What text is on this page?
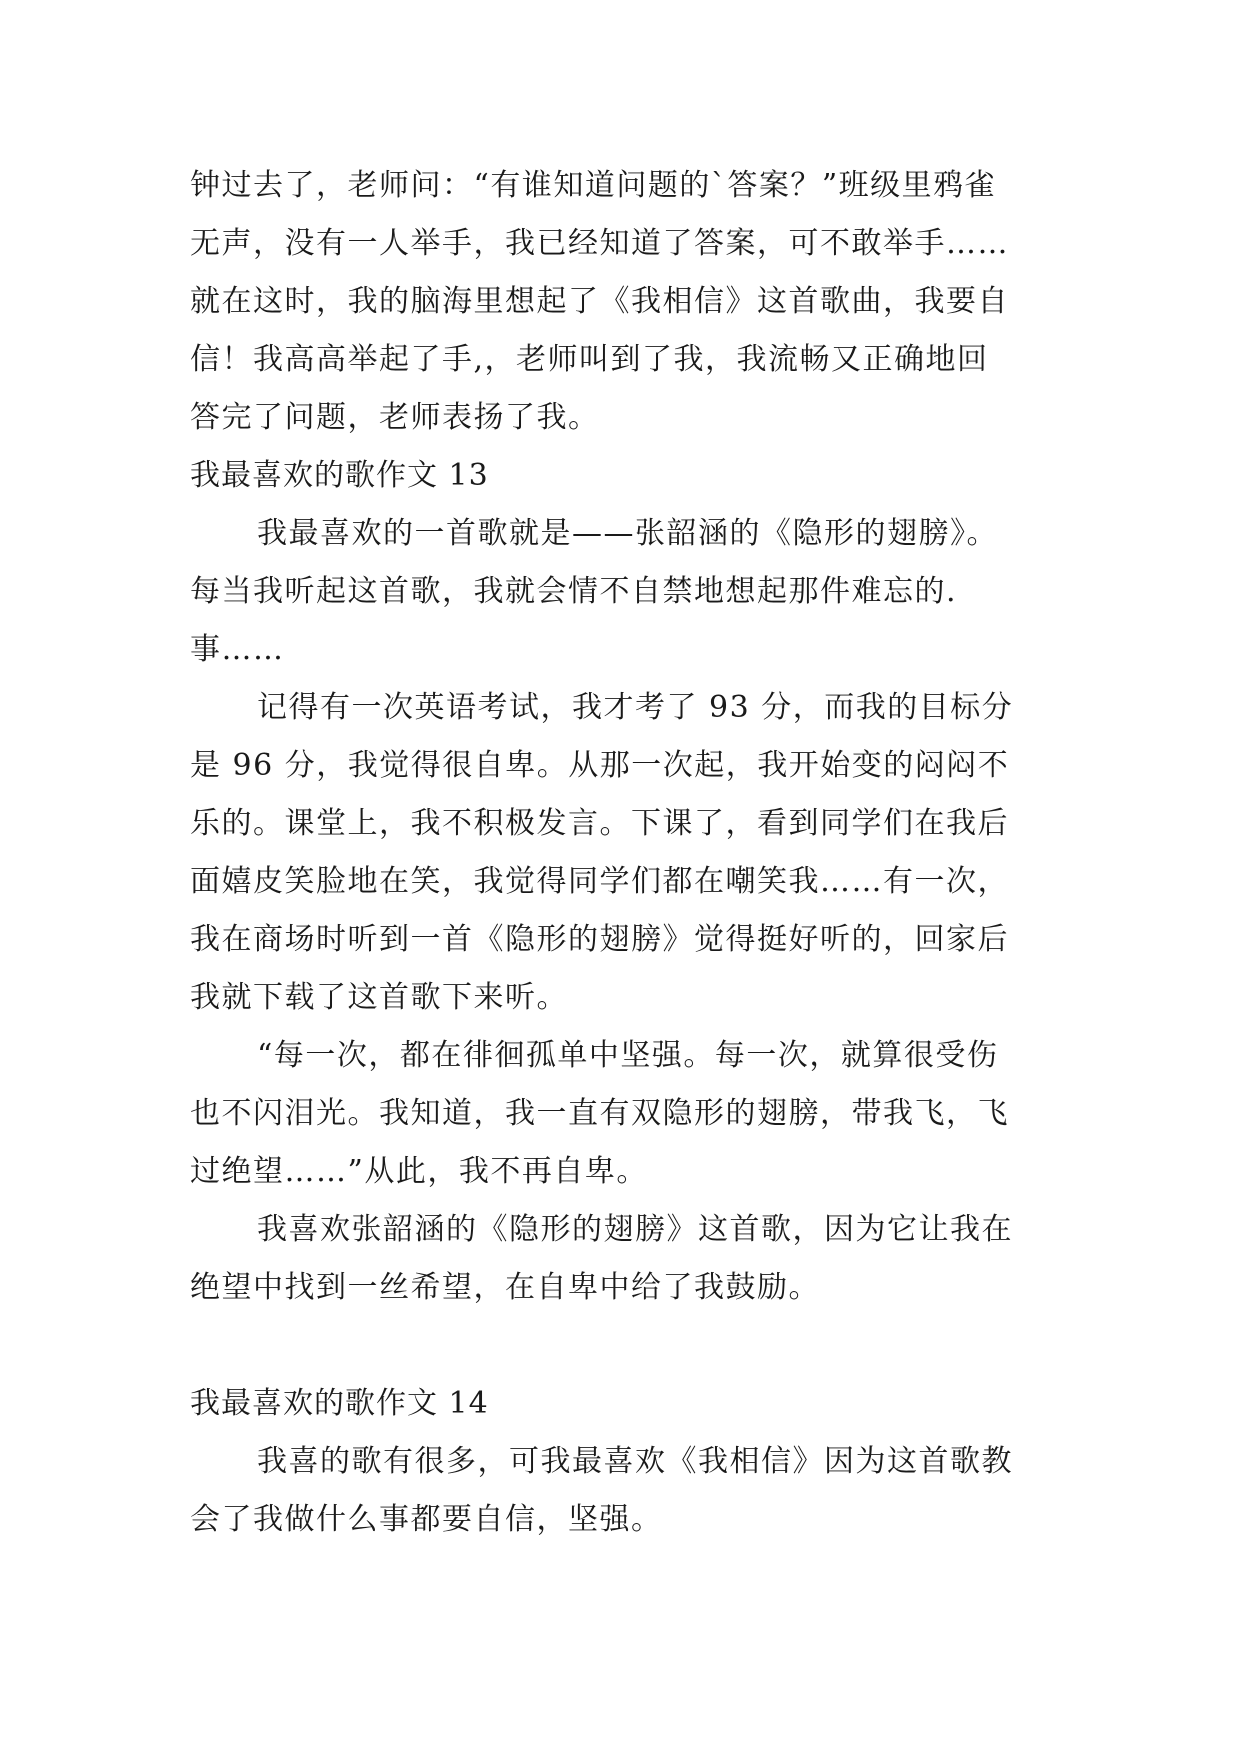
钟过去了，老师问：“有谁知道问题的`答案？”班级里鸦雀
无声，没有一人举手，我已经知道了答案，可不敢举手……
就在这时，我的脑海里想起了《我相信》这首歌曲，我要自
信！我高高举起了手,，老师叫到了我，我流畅又正确地回
答完了问题，老师表扬了我。
我最喜欢的歌作文 13
我最喜欢的一首歌就是——张韶涵的《隐形的翅膀》。
每当我听起这首歌，我就会情不自禁地想起那件难忘的.
事……
记得有一次英语考试，我才考了 93 分，而我的目标分
是 96 分，我觉得很自卑。从那一次起，我开始变的闷闷不
乐的。课堂上，我不积极发言。下课了，看到同学们在我后
面嬉皮笑脸地在笑，我觉得同学们都在嘲笑我……有一次，
我在商场时听到一首《隐形的翅膀》觉得挺好听的，回家后
我就下载了这首歌下来听。
“每一次，都在徘徊孤单中坚强。每一次，就算很受伤
也不闪泪光。我知道，我一直有双隐形的翅膀，带我飞，飞
过绝望……”从此，我不再自卑。
我喜欢张韶涵的《隐形的翅膀》这首歌，因为它让我在
绝望中找到一丝希望，在自卑中给了我鼓励。
我最喜欢的歌作文 14
我喜的歌有很多，可我最喜欢《我相信》因为这首歌教
会了我做什么事都要自信，坚强。
